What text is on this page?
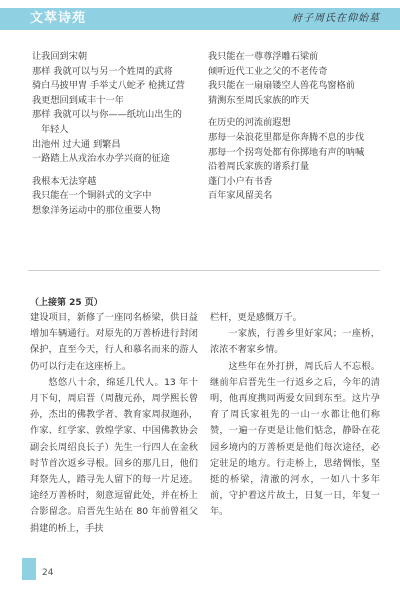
文萃诗苑	府子周氏在仰始墓
让我回到宋朝
那样 我就可以与另一个姓周的武将
骑白马披甲胄 手举丈八蛇矛 枪挑辽营
我更想回到咸丰十一年
那样 我就可以与你——纸坑山出生的
年轻人
出池州 过大通 到繁昌
一路踏上从戎治水办学兴商的征途
我根本无法穿越
我只能在一个铜斜式的文字中
想象洋务运动中的那位重要人物
我只能在一尊尊浮雕石梁前
倾听近代工业之父的不老传奇
我只能在一扇扇镂空人兽花鸟窗格前
猜测东至周氏家族的昨天
在历史的河流前遐想
那每一朵浪花里都是你奔腾不息的步伐
那每一个拐弯处都有你掷地有声的呐喊
沿着周氏家族的谱系打量
蓬门小户有书香
百年家风留美名
（上接第 25 页）

建设项目，新修了一座同名桥梁，供日益增加车辆通行。对原先的万善桥进行封闭保护，直至今天，行人和慕名而来的游人仍可以行走在这座桥上。

悠悠八十余，绵延几代人。13 年十月下旬，周启晋（周馥元孙，周学熙长曾孙，杰出的佛教学者、教育家周叔迦孙，作家、红学家、敦煌学家、中国佛教协会副会长周绍良长子）先生一行四人在金秋时节首次返乡寻根。回乡的那几日，他们拜祭先人，踏寻先人留下的每一片足迹。途经万善桥时，刻意逗留此处，并在桥上合影留念。启晋先生站在 80 年前曾祖父捐建的桥上，手扶

栏杆，更是感慨万千。

一家族，行善乡里好家风；一座桥，浓浓不奢家乡情。

这些年在外打拼，周氏后人不忘根。继前年启晋先生一行返乡之后，今年的清明，他再度携同两爱女回到东至。这片孕育了周氏家祖先的一山一水都让他们称赞，一遍一存更是让他们惦念，静卧在花园乡境内的万善桥更是他们每次途径，必定驻足的地方。行走桥上，思绪惆怅，坚挺的桥梁，清澈的河水，一如八十多年前，守护着这片故土，日复一日，年复一年。

24
